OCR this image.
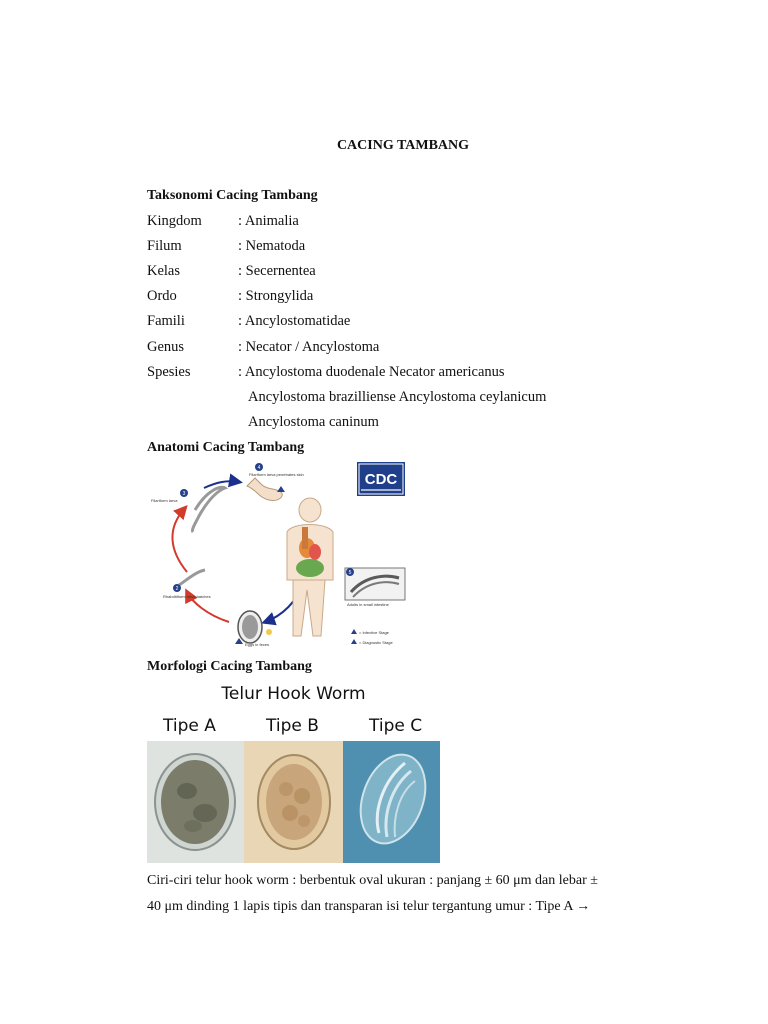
CACING TAMBANG
Taksonomi Cacing Tambang
Kingdom	: Animalia
Filum	: Nematoda
Kelas	: Secernentea
Ordo	: Strongylida
Famili	: Ancylostomatidae
Genus	: Necator / Ancylostoma
Spesies	: Ancylostoma duodenale Necator americanus
Ancylostoma brazilliense Ancylostoma ceylanicum
Ancylostoma caninum
Anatomi Cacing Tambang
3
Filariform larva
4
Filariform larva penetrates skin
5
Adults in small intestine
2
Rhabditiform larva hatches
Eggs in feces
= Infective Stage
= Diagnostic Stage
CDC
Morfologi Cacing Tambang
Telur Hook Worm
Tipe A	Tipe B	Tipe C
Ciri-ciri telur hook worm : berbentuk oval ukuran : panjang ± 60 μm dan lebar ±
40 μm dinding 1 lapis tipis dan transparan isi telur tergantung umur : Tipe A →
